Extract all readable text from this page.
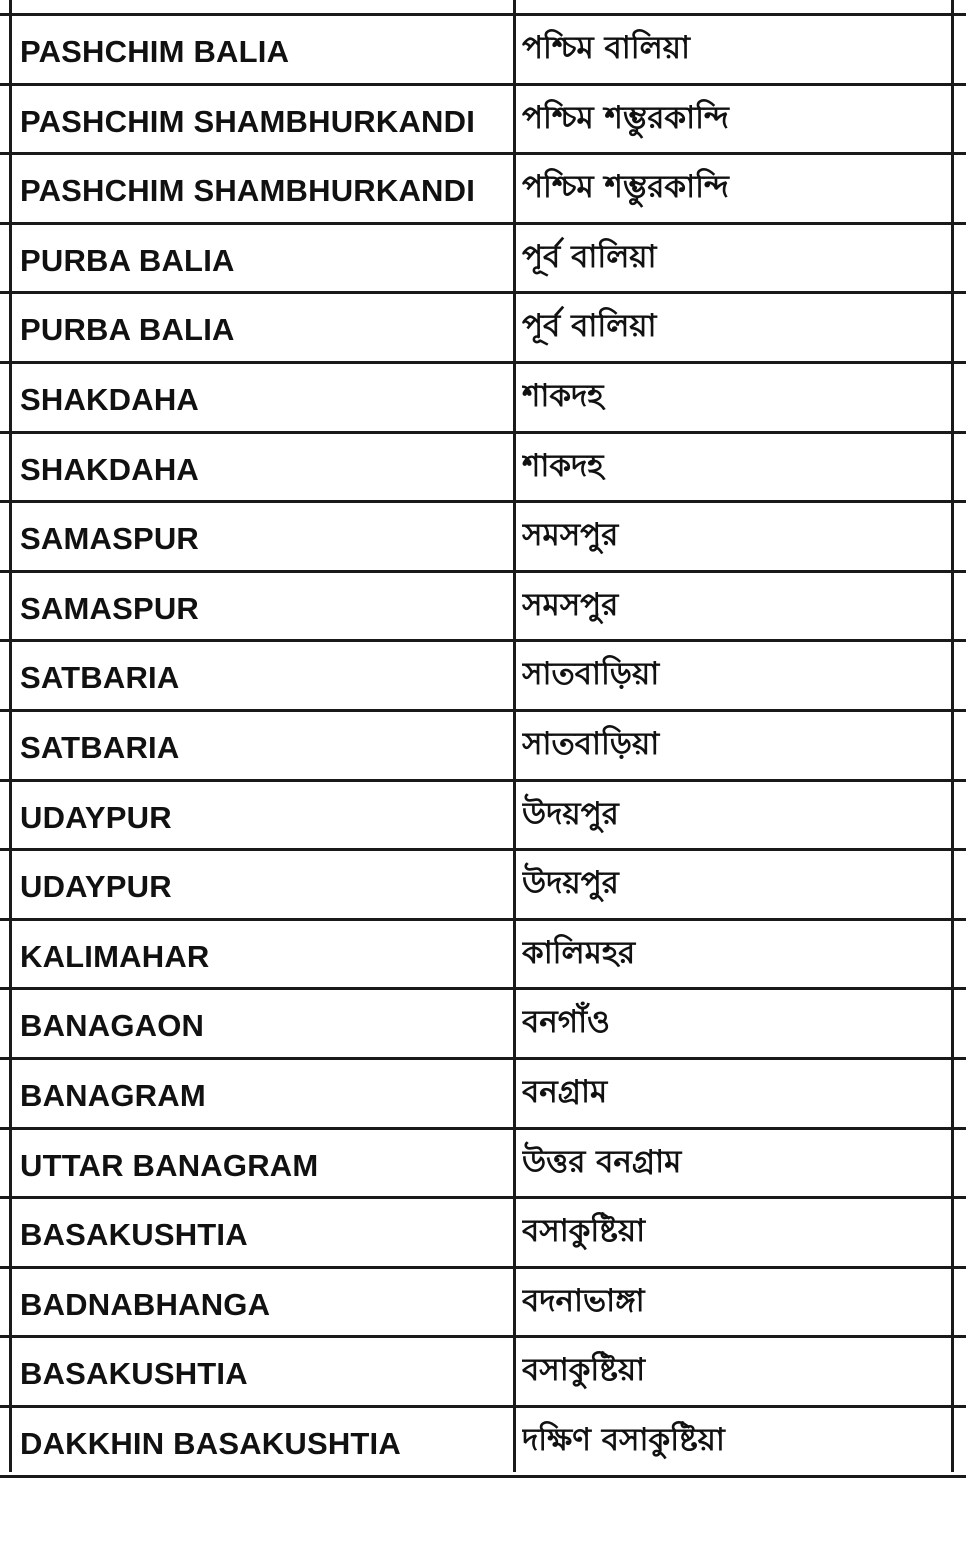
PASHCHIM BALIA	পশ্চিম বালিয়া
PASHCHIM SHAMBHURKANDI	পশ্চিম শম্ভুরকান্দি
PASHCHIM SHAMBHURKANDI	পশ্চিম শম্ভুরকান্দি
PURBA BALIA	পূর্ব বালিয়া
PURBA BALIA	পূর্ব বালিয়া
SHAKDAHA	শাকদহ
SHAKDAHA	শাকদহ
SAMASPUR	সমসপুর
SAMASPUR	সমসপুর
SATBARIA	সাতবাড়িয়া
SATBARIA	সাতবাড়িয়া
UDAYPUR	উদয়পুর
UDAYPUR	উদয়পুর
KALIMAHAR	কালিমহর
BANAGAON	বনগাঁও
BANAGRAM	বনগ্রাম
UTTAR BANAGRAM	উত্তর বনগ্রাম
BASAKUSHTIA	বসাকুষ্টিয়া
BADNABHANGA	বদনাভাঙ্গা
BASAKUSHTIA	বসাকুষ্টিয়া
DAKKHIN BASAKUSHTIA	দক্ষিণ বসাকুষ্টিয়া
